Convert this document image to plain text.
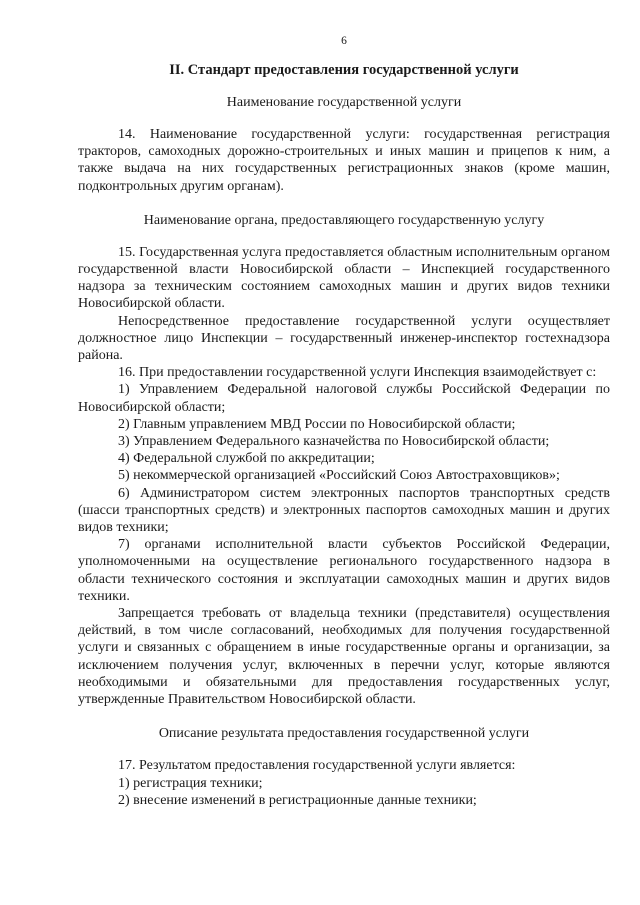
6
II. Стандарт предоставления государственной услуги
Наименование государственной услуги

14. Наименование государственной услуги: государственная регистрация тракторов, самоходных дорожно-строительных и иных машин и прицепов к ним, а также выдача на них государственных регистрационных знаков (кроме машин, подконтрольных другим органам).

Наименование органа, предоставляющего государственную услугу

15. Государственная услуга предоставляется областным исполнительным органом государственной власти Новосибирской области – Инспекцией государственного надзора за техническим состоянием самоходных машин и других видов техники Новосибирской области.

Непосредственное предоставление государственной услуги осуществляет должностное лицо Инспекции – государственный инженер-инспектор гостехнадзора района.

16. При предоставлении государственной услуги Инспекция взаимодействует с:

1) Управлением Федеральной налоговой службы Российской Федерации по Новосибирской области;

2) Главным управлением МВД России по Новосибирской области;

3) Управлением Федерального казначейства по Новосибирской области;

4) Федеральной службой по аккредитации;

5) некоммерческой организацией «Российский Союз Автостраховщиков»;

6) Администратором систем электронных паспортов транспортных средств (шасси транспортных средств) и электронных паспортов самоходных машин и других видов техники;

7) органами исполнительной власти субъектов Российской Федерации, уполномоченными на осуществление регионального государственного надзора в области технического состояния и эксплуатации самоходных машин и других видов техники.

Запрещается требовать от владельца техники (представителя) осуществления действий, в том числе согласований, необходимых для получения государственной услуги и связанных с обращением в иные государственные органы и организации, за исключением получения услуг, включенных в перечни услуг, которые являются необходимыми и обязательными для предоставления государственных услуг, утвержденные Правительством Новосибирской области.

Описание результата предоставления государственной услуги

17. Результатом предоставления государственной услуги является:

1) регистрация техники;

2) внесение изменений в регистрационные данные техники;
